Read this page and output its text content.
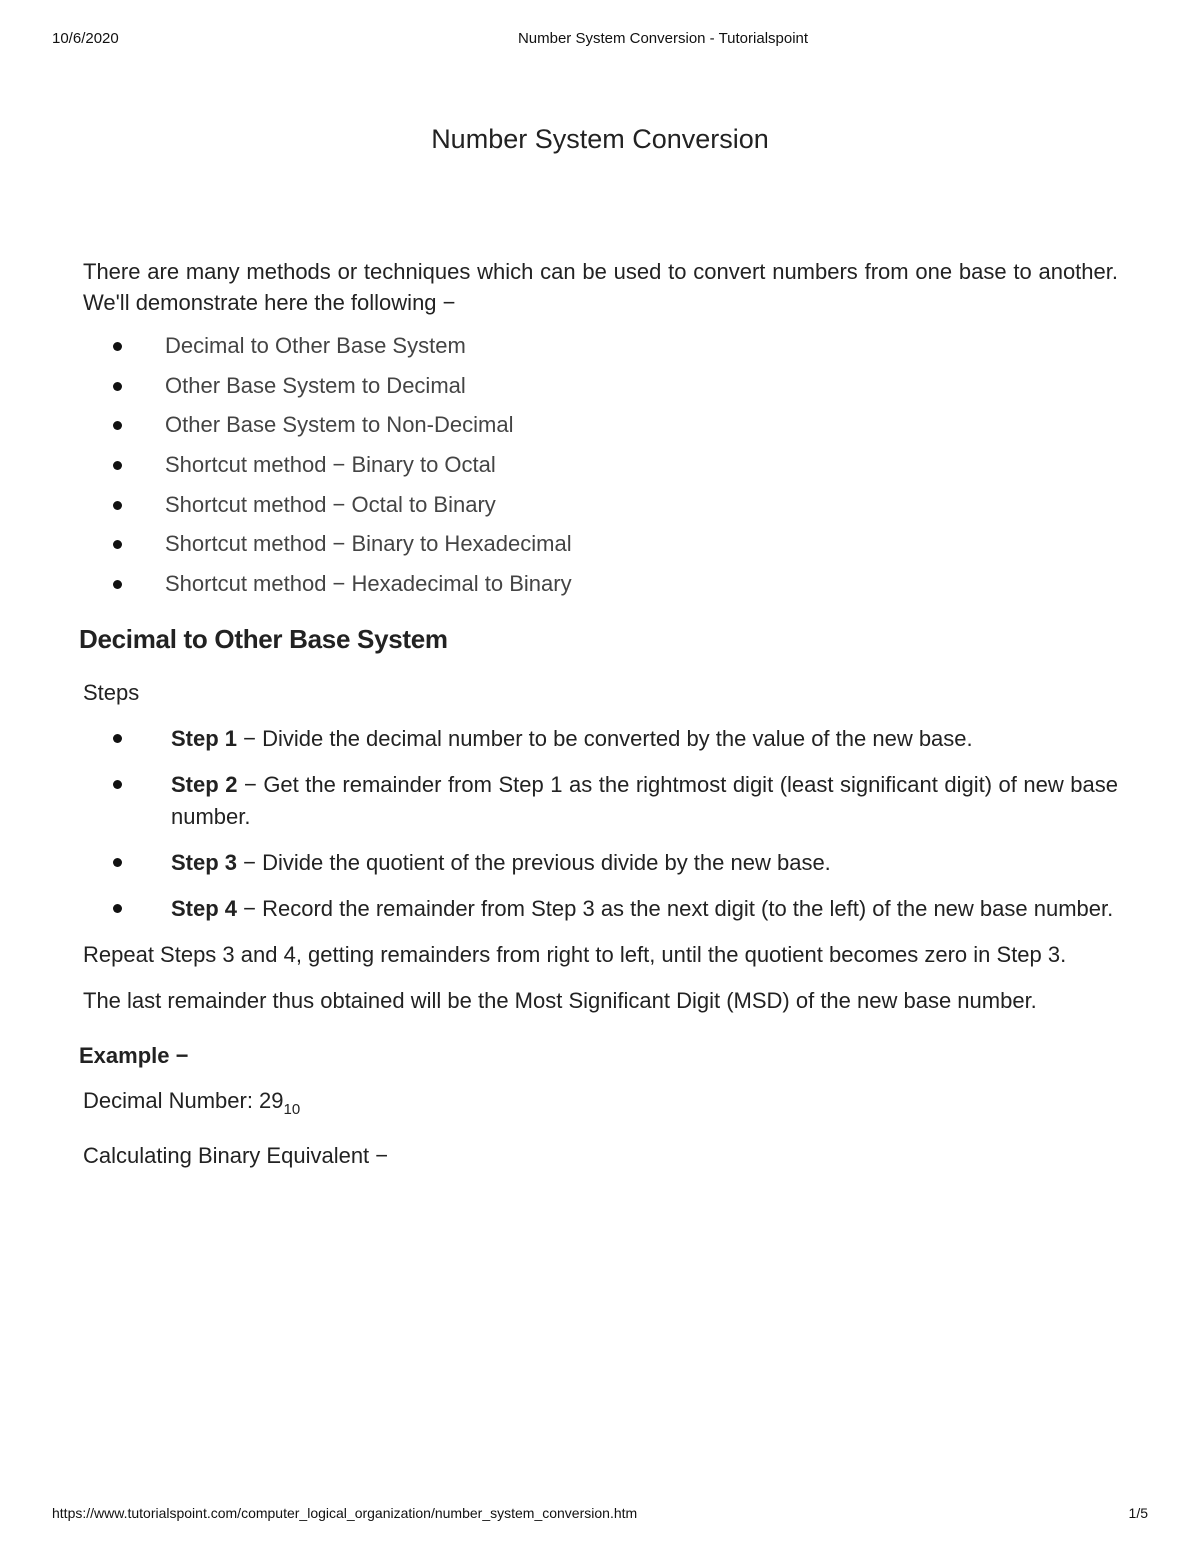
10/6/2020	Number System Conversion - Tutorialspoint
Number System Conversion

There are many methods or techniques which can be used to convert numbers from one base to another. We'll demonstrate here the following −

Decimal to Other Base System
Other Base System to Decimal
Other Base System to Non-Decimal
Shortcut method − Binary to Octal
Shortcut method − Octal to Binary
Shortcut method − Binary to Hexadecimal
Shortcut method − Hexadecimal to Binary
Decimal to Other Base System

Steps

Step 1 − Divide the decimal number to be converted by the value of the new base.
Step 2 − Get the remainder from Step 1 as the rightmost digit (least significant digit) of new base number.
Step 3 − Divide the quotient of the previous divide by the new base.
Step 4 − Record the remainder from Step 3 as the next digit (to the left) of the new base number.

Repeat Steps 3 and 4, getting remainders from right to left, until the quotient becomes zero in Step 3.

The last remainder thus obtained will be the Most Significant Digit (MSD) of the new base number.

Example −

Decimal Number: $29_{10}$

Calculating Binary Equivalent −

https://www.tutorialspoint.com/computer_logical_organization/number_system_conversion.htm	1/5
